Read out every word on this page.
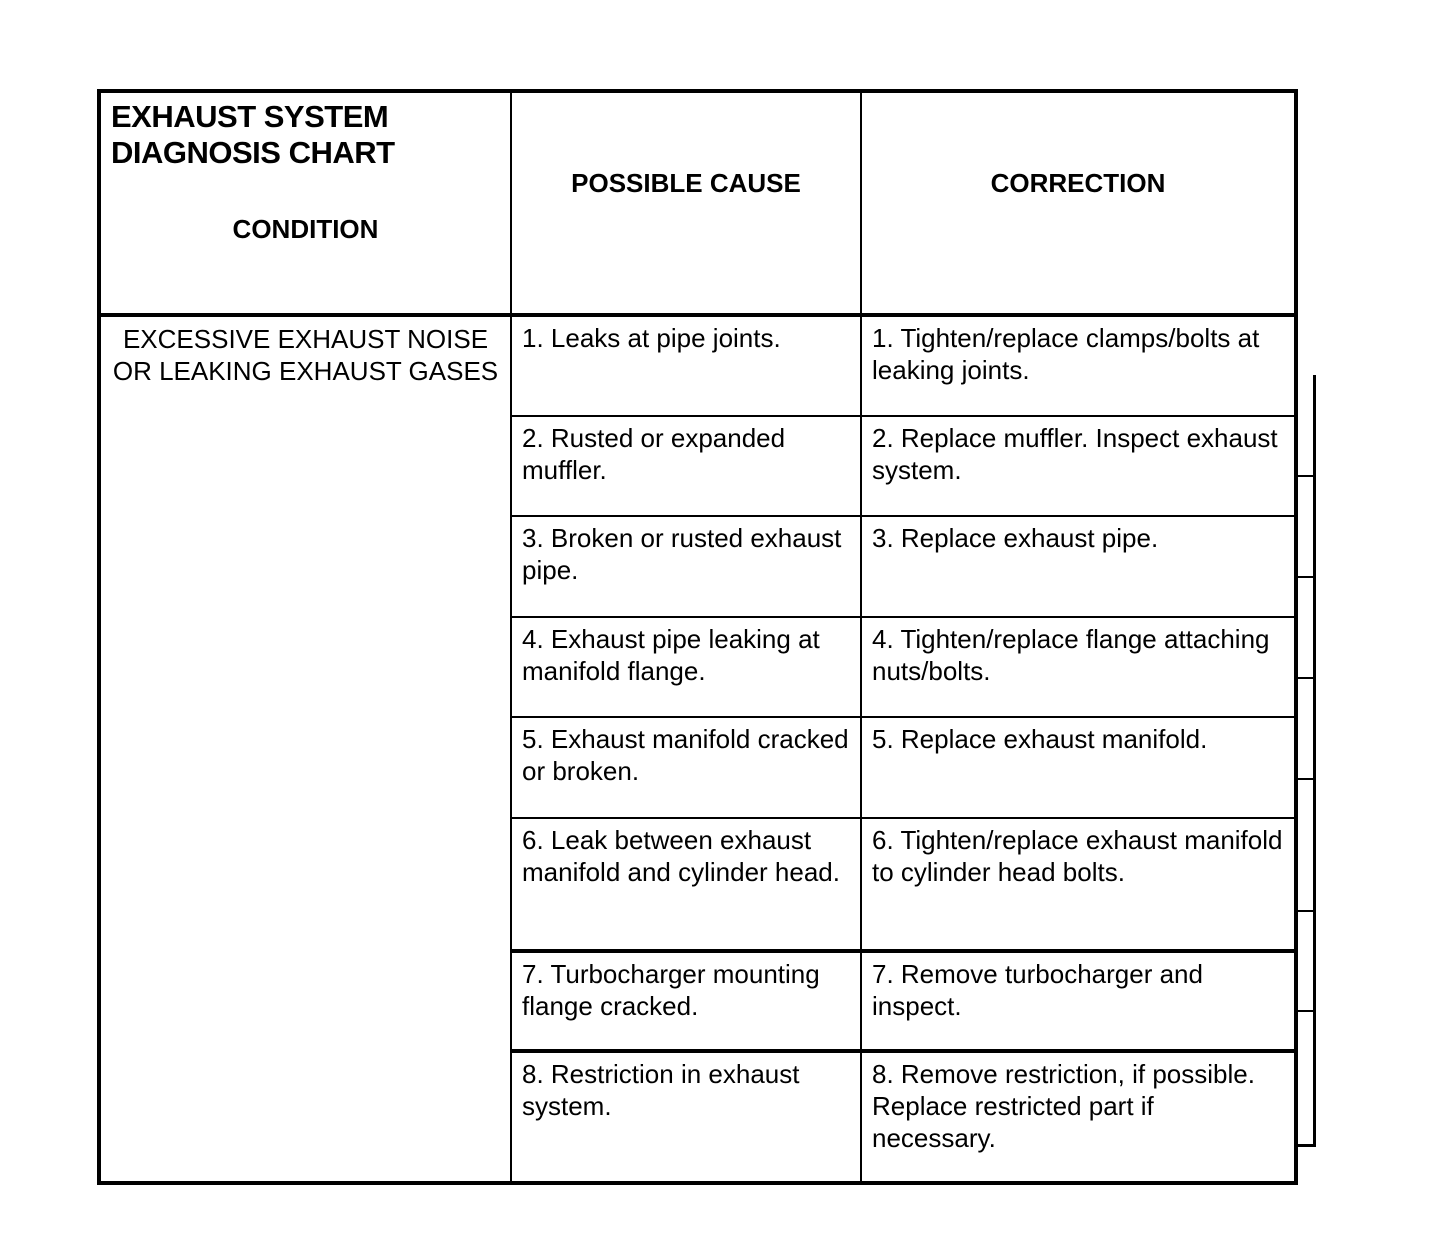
EXHAUST SYSTEM
DIAGNOSIS CHART
CONDITION	POSSIBLE CAUSE	CORRECTION
EXCESSIVE EXHAUST NOISE OR LEAKING EXHAUST GASES	1. Leaks at pipe joints.	1. Tighten/replace clamps/bolts at leaking joints.
	2. Rusted or expanded muffler.	2. Replace muffler. Inspect exhaust system.
	3. Broken or rusted exhaust pipe.	3. Replace exhaust pipe.
	4. Exhaust pipe leaking at manifold flange.	4. Tighten/replace flange attaching nuts/bolts.
	5. Exhaust manifold cracked or broken.	5. Replace exhaust manifold.
	6. Leak between exhaust manifold and cylinder head.	6. Tighten/replace exhaust manifold to cylinder head bolts.
	7. Turbocharger mounting flange cracked.	7. Remove turbocharger and inspect.
	8. Restriction in exhaust system.	8. Remove restriction, if possible. Replace restricted part if necessary.
